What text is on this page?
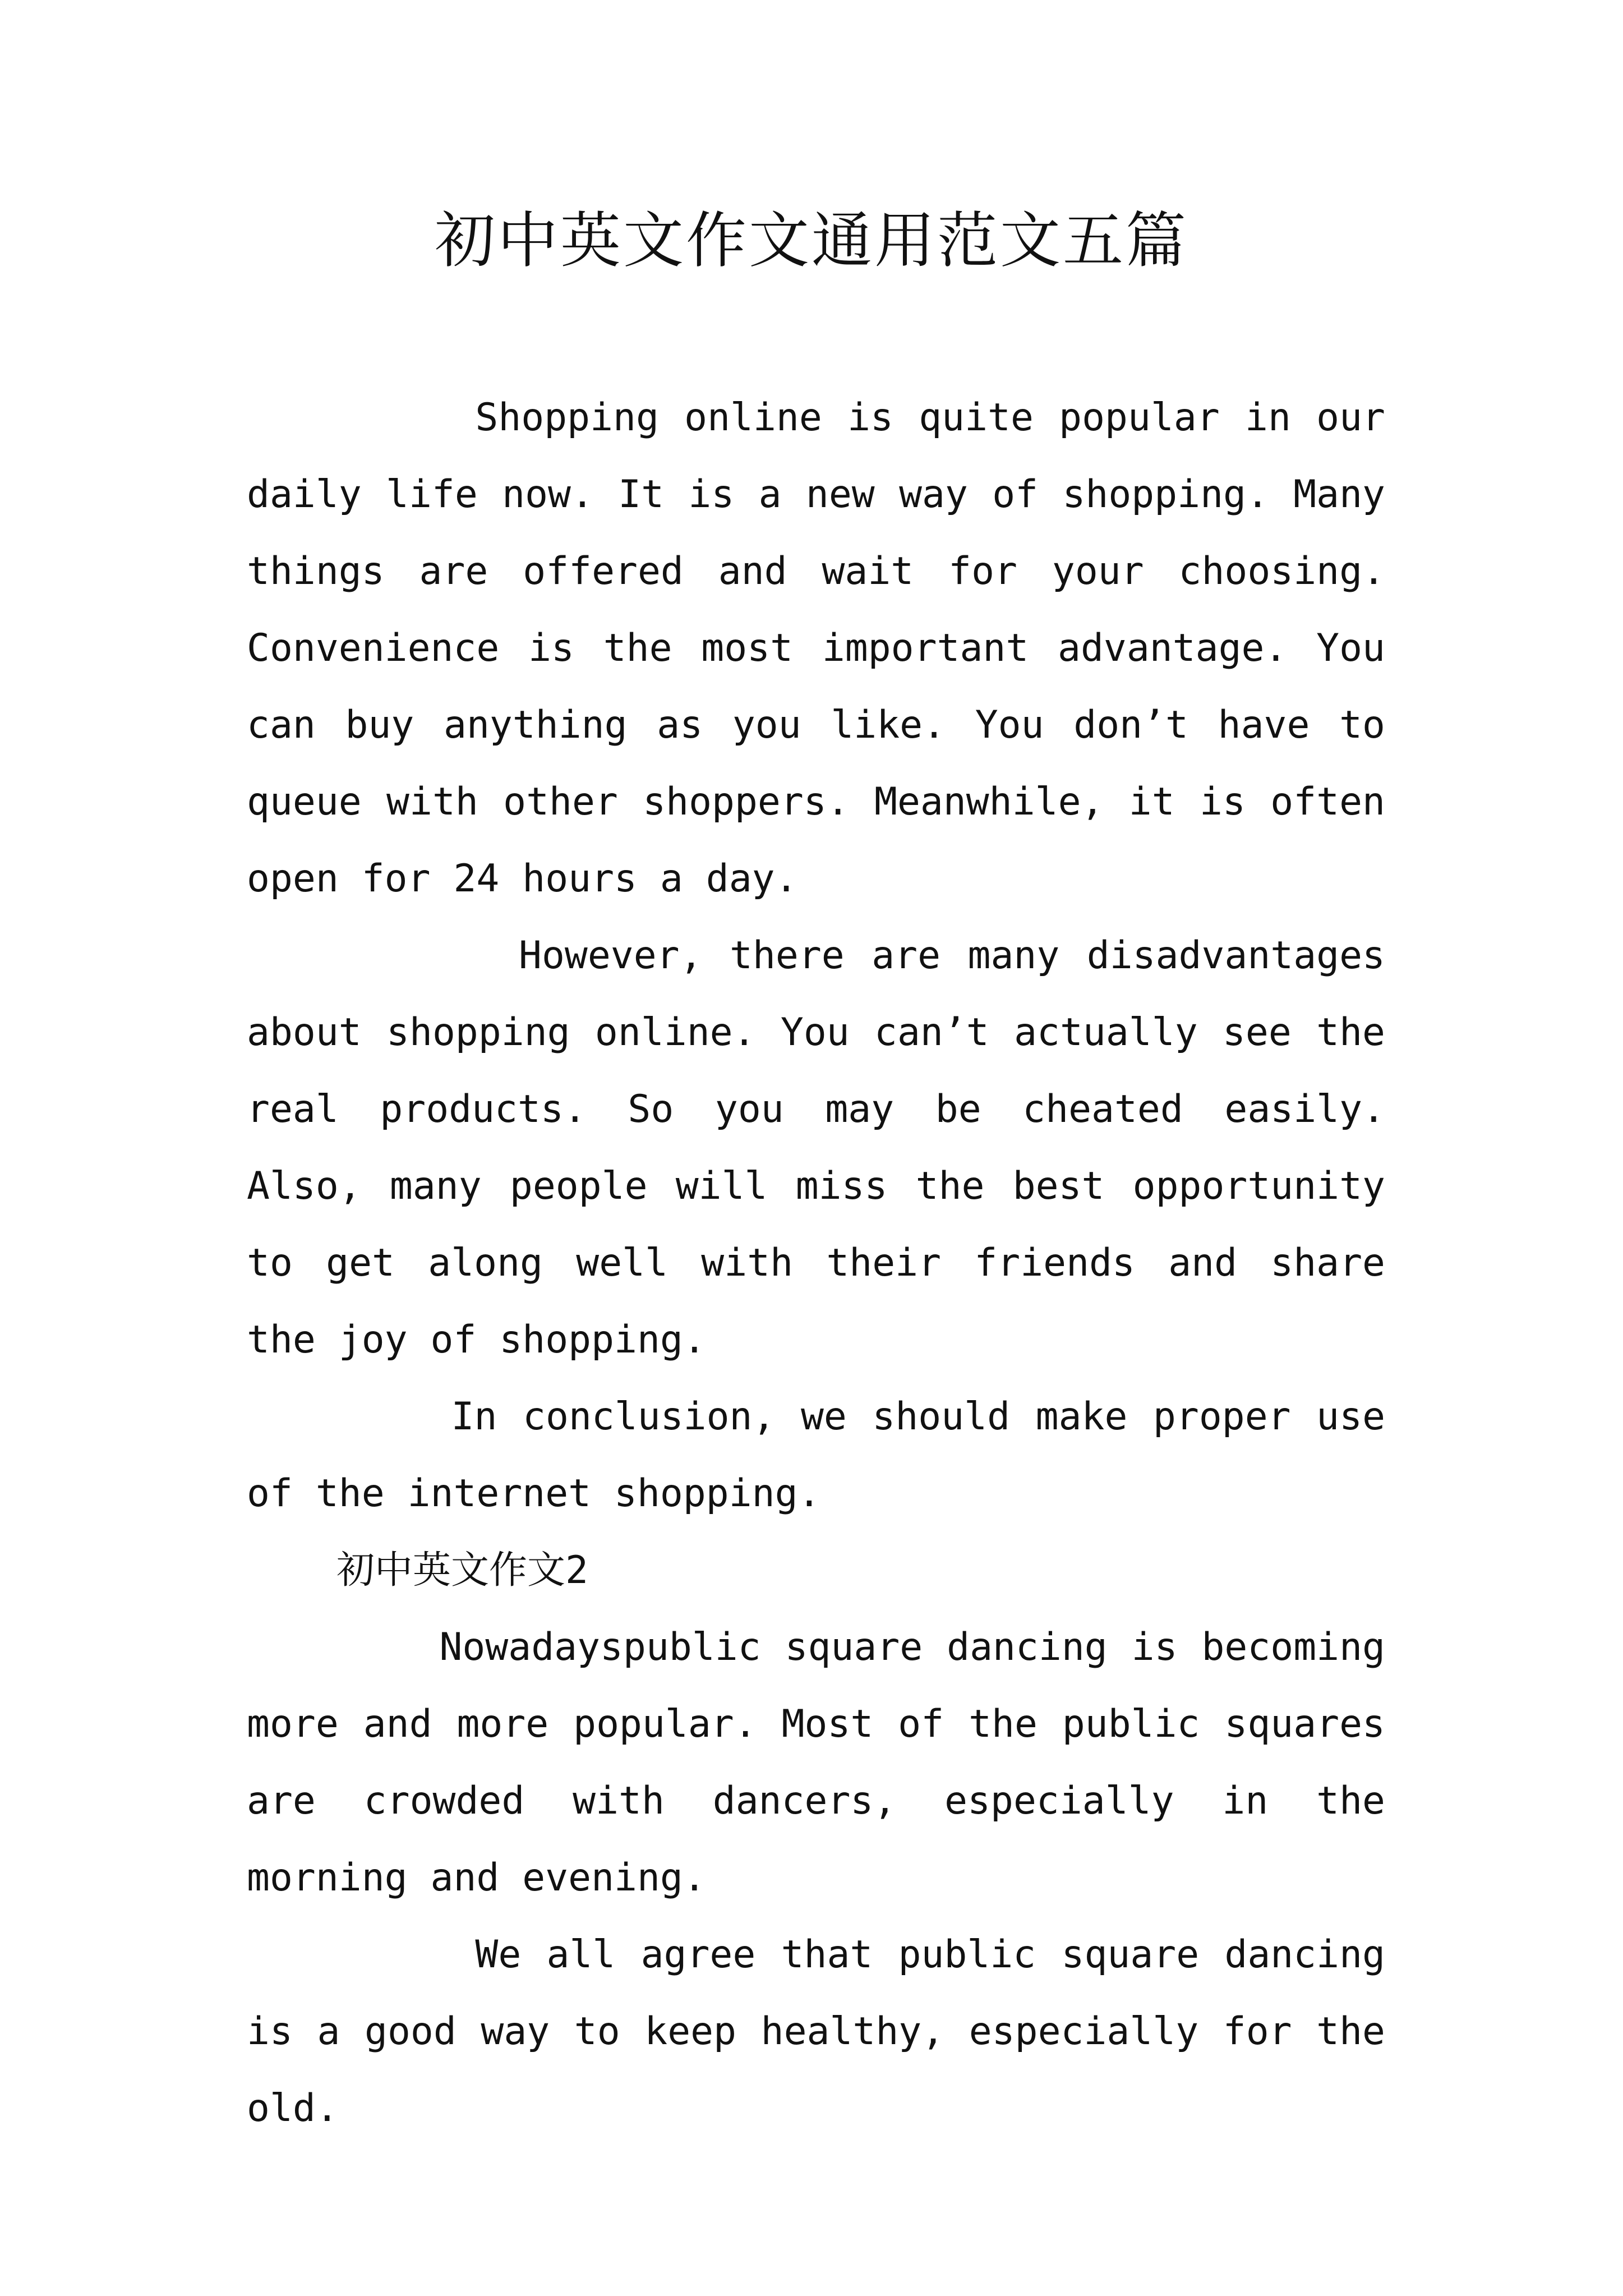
初中英文作文通用范文五篇

Shopping online is quite popular in our daily life now. It is a new way of shopping. Many things are offered and wait for your choosing. Convenience is the most important advantage. You can buy anything as you like. You don’t have to queue with other shoppers. Meanwhile, it is often open for 24 hours a day.

However, there are many disadvantages about shopping online. You can’t actually see the real products. So you may be cheated easily. Also, many people will miss the best opportunity to get along well with their friends and share the joy of shopping.

In conclusion, we should make proper use of the internet shopping.

初中英文作文2

Nowadayspublic square dancing is becoming more and more popular. Most of the public squares are crowded with dancers, especially in the morning and evening.

We all agree that public square dancing is a good way to keep healthy, especially for the old.
